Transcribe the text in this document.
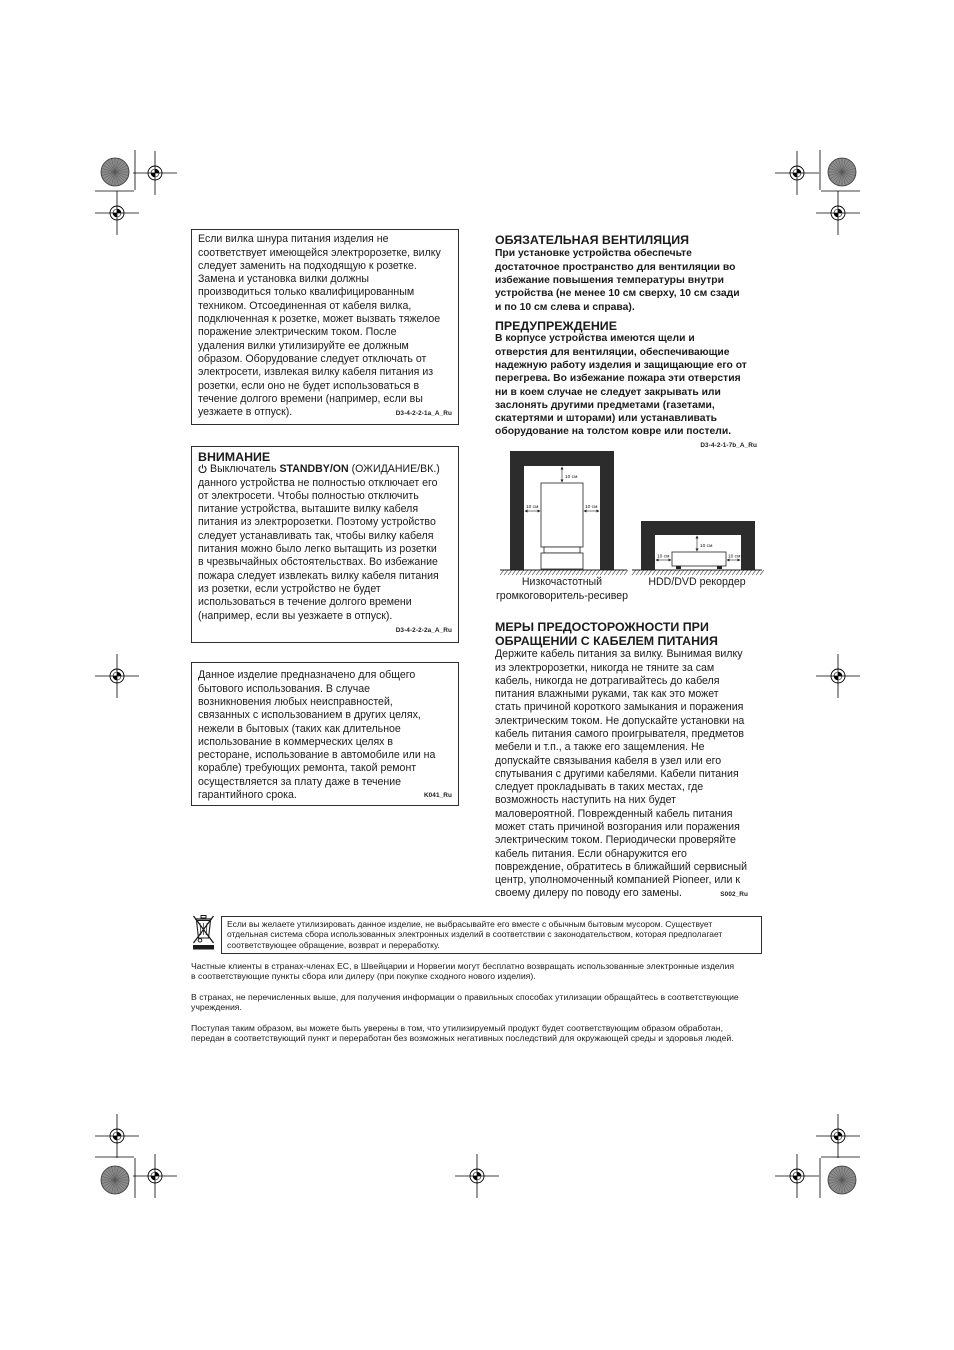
Если вилка шнура питания изделия не
соответствует имеющейся электророзетке, вилку
следует заменить на подходящую к розетке.
Замена и установка вилки должны
производиться только квалифицированным
техником. Отсоединенная от кабеля вилка,
подключенная к розетке, может вызвать тяжелое
поражение электрическим током. После
удаления вилки утилизируйте ее должным
образом. Оборудование следует отключать от
электросети, извлекая вилку кабеля питания из
розетки, если оно не будет использоваться в
течение долгого времени (например, если вы
уезжаете в отпуск).	D3-4-2-2-1a_A_Ru
ВНИМАНИЕ
Выключатель STANDBY/ON (ОЖИДАНИЕ/ВК.)
данного устройства не полностью отключает его
от электросети. Чтобы полностью отключить
питание устройства, выташите вилку кабеля
питания из электророзетки. Поэтому устройство
следует устанавливать так, чтобы вилку кабеля
питания можно было легко вытащить из розетки
в чрезвычайных обстоятельствах. Во избежание
пожара следует извлекать вилку кабеля питания
из розетки, если устройство не будет
использоваться в течение долгого времени
(например, если вы уезжаете в отпуск).
D3-4-2-2-2a_A_Ru
Данное изделие предназначено для общего
бытового использования. В случае
возникновения любых неисправностей,
связанных с использованием в других целях,
нежели в бытовых (таких как длительное
использование в коммерческих целях в
ресторане, использование в автомобиле или на
корабле) требующих ремонта, такой ремонт
осуществляется за плату даже в течение
гарантийного срока.	K041_Ru
ОБЯЗАТЕЛЬНАЯ ВЕНТИЛЯЦИЯ
При установке устройства обеспечьте
достаточное пространство для вентиляции во
избежание повышения температуры внутри
устройства (не менее 10 см сверху, 10 см сзади
и по 10 см слева и справа).
ПРЕДУПРЕЖДЕНИЕ
В корпусе устройства имеются щели и
отверстия для вентиляции, обеспечивающие
надежную работу изделия и защищающие его от
перегрева. Во избежание пожара эти отверстия
ни в коем случае не следует закрывать или
заслонять другими предметами (газетами,
скатертями и шторами) или устанавливать
оборудование на толстом ковре или постели.
D3-4-2-1-7b_A_Ru
10 см
10 см	10 см
10 см
10 см	10 см
Низкочастотный
громкоговоритель-ресивер
HDD/DVD рекордер
МЕРЫ ПРЕДОСТОРОЖНОСТИ ПРИ
ОБРАЩЕНИИ С КАБЕЛЕМ ПИТАНИЯ
Держите кабель питания за вилку. Вынимая вилку
из электророзетки, никогда не тяните за сам
кабель, никогда не дотрагивайтесь до кабеля
питания влажными руками, так как это может
стать причиной короткого замыкания и поражения
электрическим током. Не допускайте установки на
кабель питания самого проигрывателя, предметов
мебели и т.п., а также его защемления. Не
допускайте связывания кабеля в узел или его
спутывания с другими кабелями. Кабели питания
следует прокладывать в таких местах, где
возможность наступить на них будет
маловероятной. Поврежденный кабель питания
может стать причиной возгорания или поражения
электрическим током. Периодически проверяйте
кабель питания. Если обнаружится его
повреждение, обратитесь в ближайший сервисный
центр, уполномоченный компанией Pioneer, или к
своему дилеру по поводу его замены.	S002_Ru
Если вы желаете утилизировать данное изделие, не выбрасывайте его вместе с обычным бытовым мусором. Существует
отдельная система сбора использованных электронных изделий в соответствии с законодательством, которая предполагает
соответствующее обращение, возврат и переработку.
Частные клиенты в странах-членах ЕС, в Швейцарии и Норвегии могут бесплатно возвращать использованные электронные изделия
в соответствующие пункты сбора или дилеру (при покупке сходного нового изделия).
В странах, не перечисленных выше, для получения информации о правильных способах утилизации обращайтесь в соответствующие
учреждения.
Поступая таким образом, вы можете быть уверены в том, что утилизируемый продукт будет соответствующим образом обработан,
передан в соответствующий пункт и переработан без возможных негативных последствий для окружающей среды и здоровья людей.
